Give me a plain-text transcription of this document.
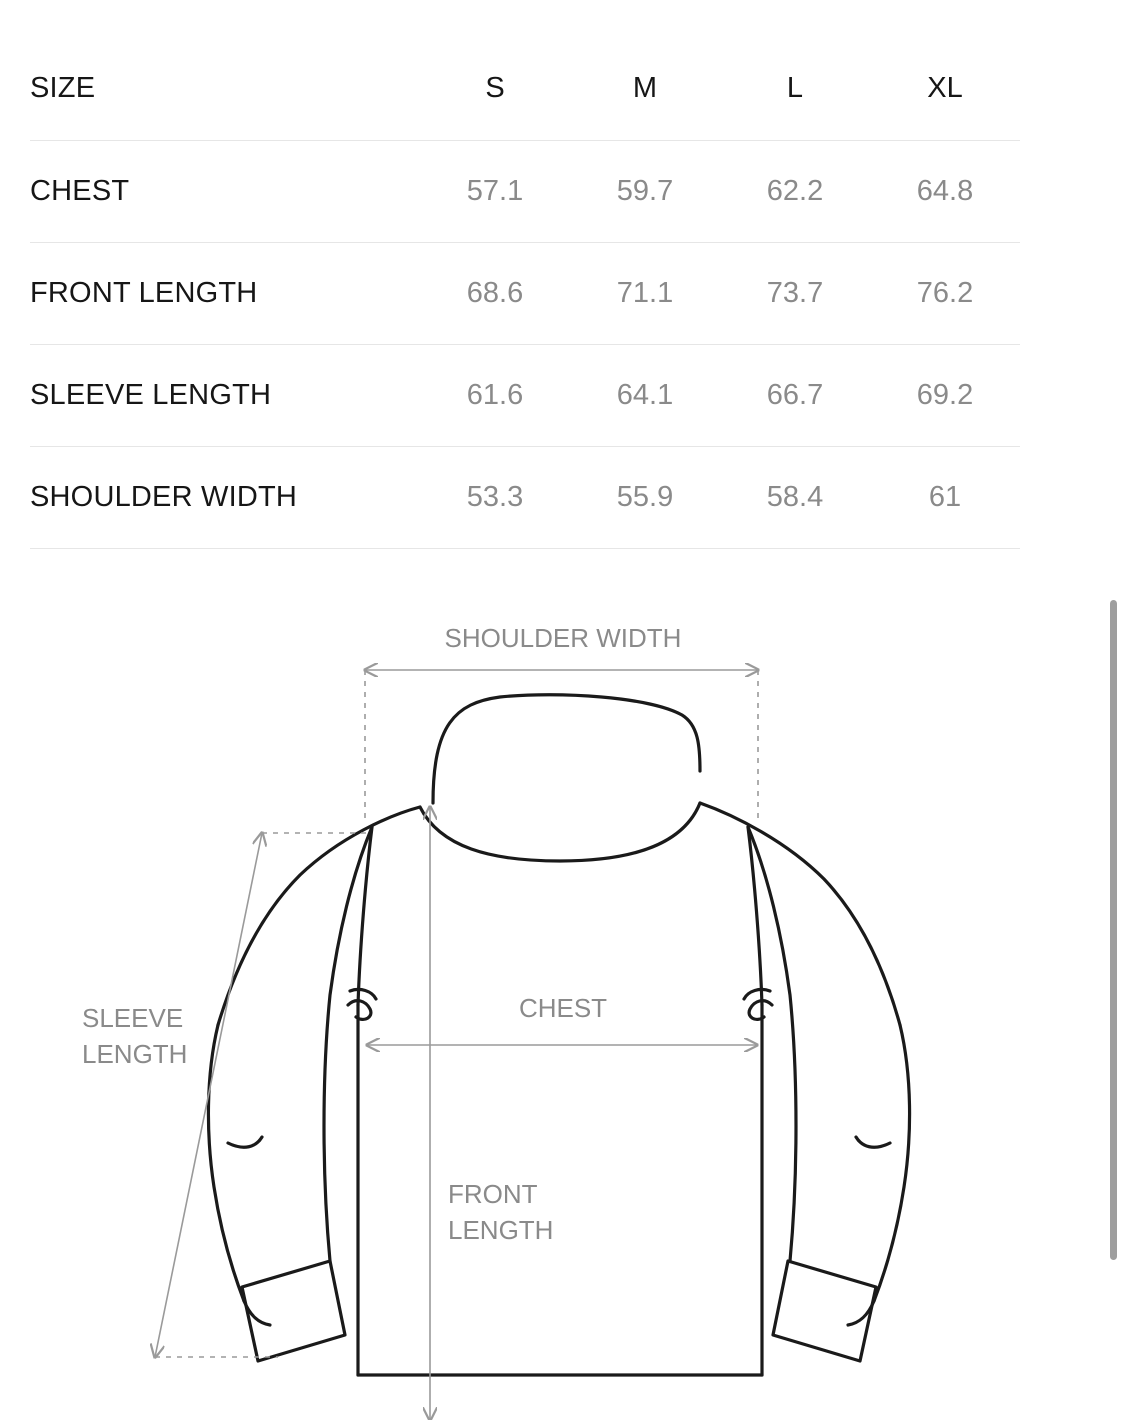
SIZE	S	M	L	XL
CHEST	57.1	59.7	62.2	64.8
FRONT LENGTH	68.6	71.1	73.7	76.2
SLEEVE LENGTH	61.6	64.1	66.7	69.2
SHOULDER WIDTH	53.3	55.9	58.4	61
SHOULDER WIDTH
SLEEVE
LENGTH
CHEST
FRONT
LENGTH
